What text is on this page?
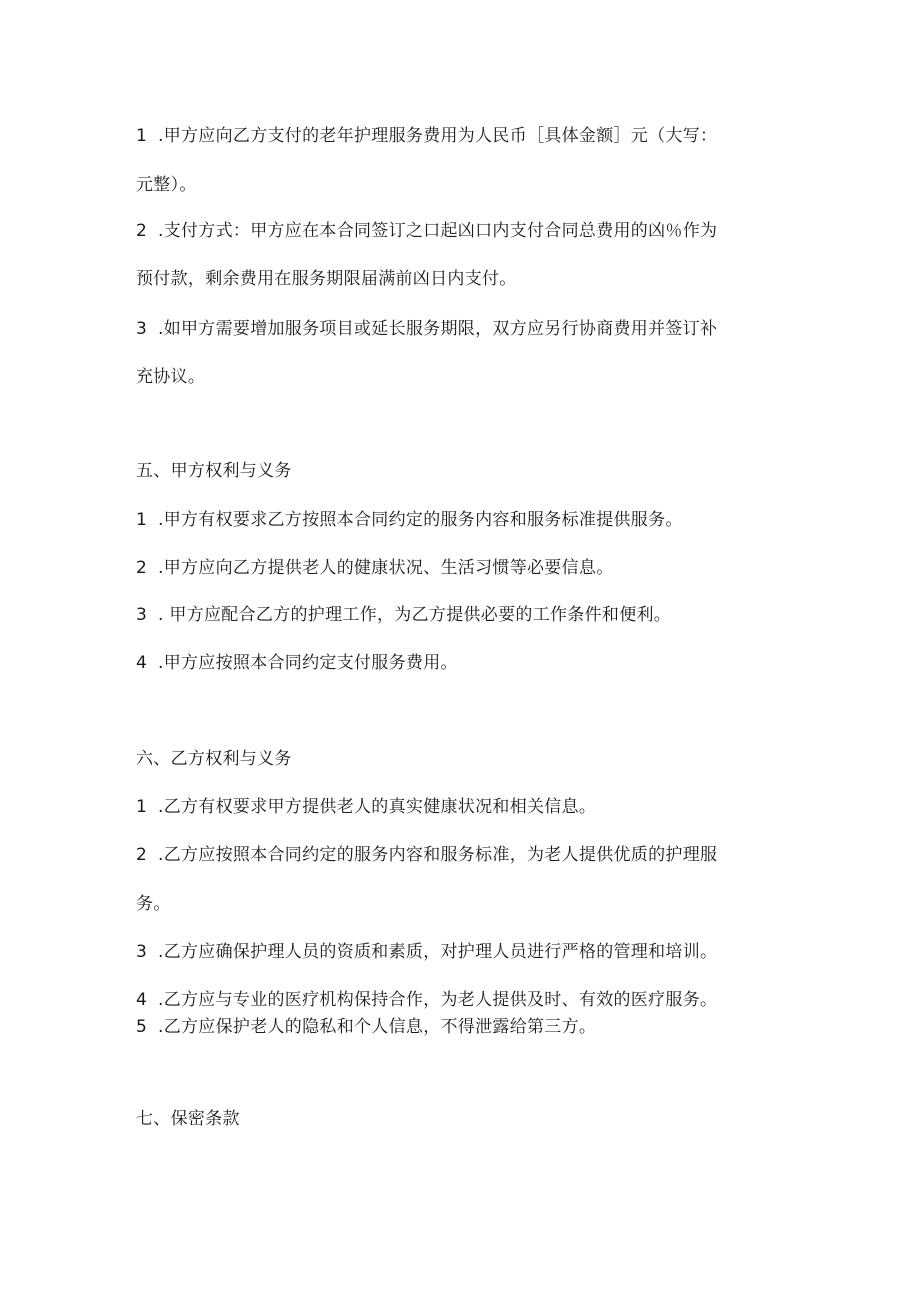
1 .甲方应向乙方支付的老年护理服务费用为人民币［具体金额］元（大写：
元整）。
2 .支付方式：甲方应在本合同签订之口起凶口内支付合同总费用的凶％作为
预付款，剩余费用在服务期限届满前凶日内支付。
3 .如甲方需要增加服务项目或延长服务期限，双方应另行协商费用并签订补
充协议。
五、甲方权利与义务
1 .甲方有权要求乙方按照本合同约定的服务内容和服务标准提供服务。
2 .甲方应向乙方提供老人的健康状况、生活习惯等必要信息。
3 . 甲方应配合乙方的护理工作，为乙方提供必要的工作条件和便利。
4 .甲方应按照本合同约定支付服务费用。
六、乙方权利与义务
1 .乙方有权要求甲方提供老人的真实健康状况和相关信息。
2 .乙方应按照本合同约定的服务内容和服务标准，为老人提供优质的护理服
务。
3 .乙方应确保护理人员的资质和素质，对护理人员进行严格的管理和培训。
4 .乙方应与专业的医疗机构保持合作，为老人提供及时、有效的医疗服务。
5 .乙方应保护老人的隐私和个人信息，不得泄露给第三方。
七、保密条款
